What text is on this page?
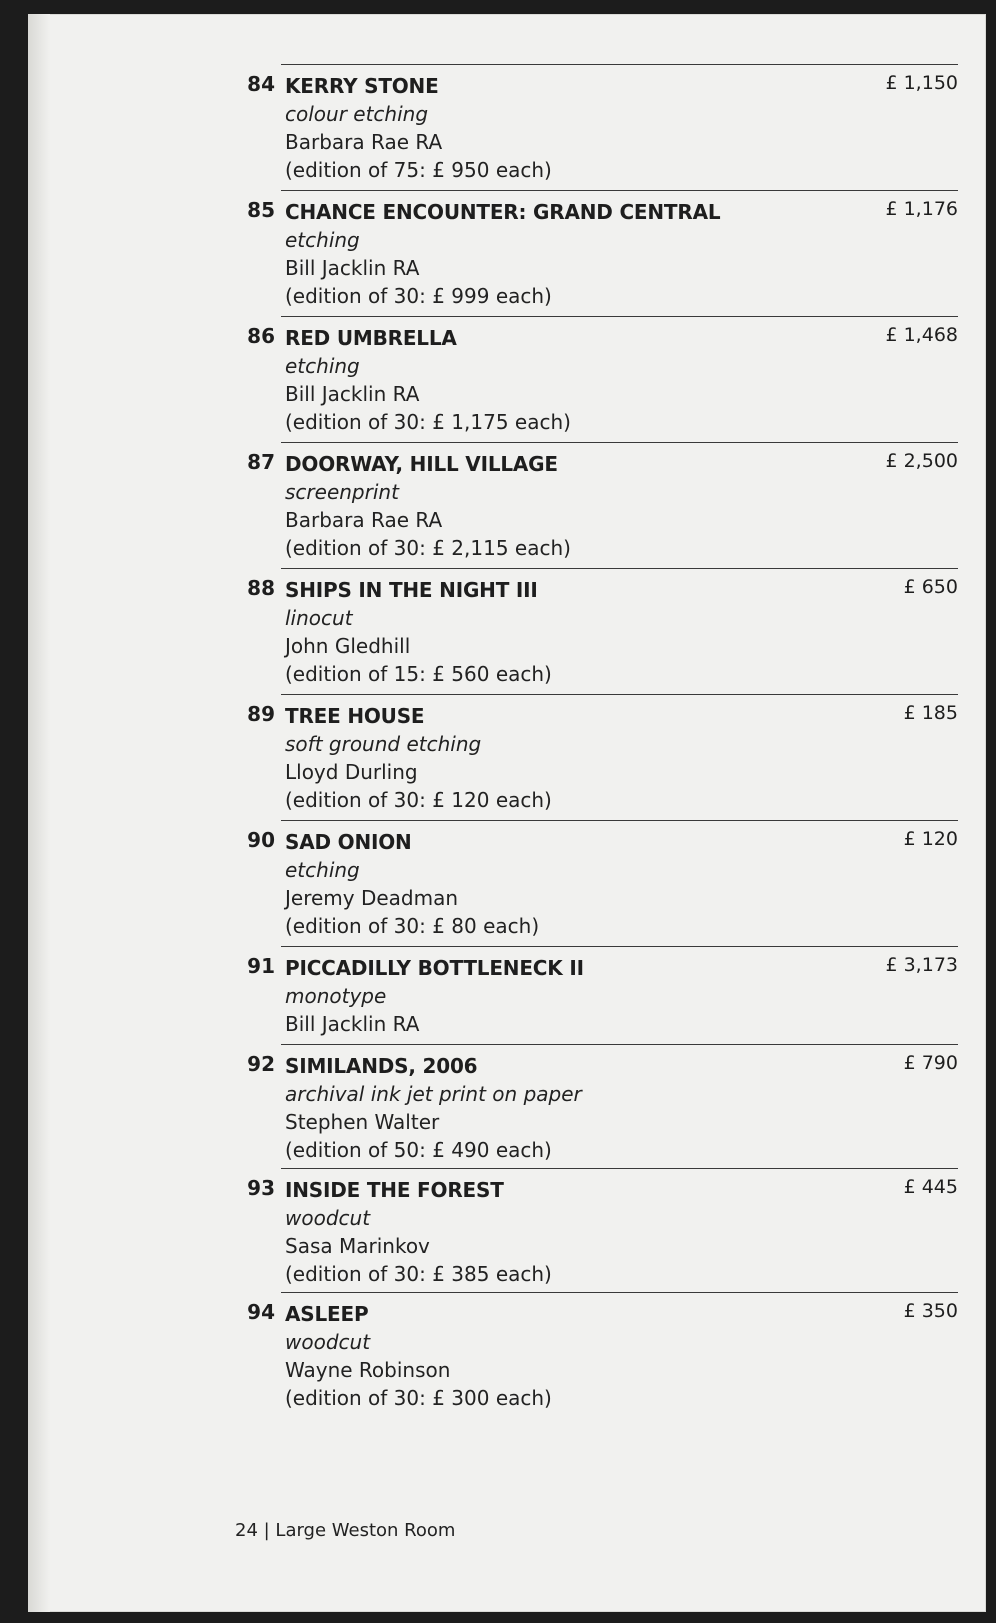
84 KERRY STONE
colour etching
Barbara Rae RA
(edition of 75: £ 950 each)
£ 1,150
85 CHANCE ENCOUNTER: GRAND CENTRAL
etching
Bill Jacklin RA
(edition of 30: £ 999 each)
£ 1,176
86 RED UMBRELLA
etching
Bill Jacklin RA
(edition of 30: £ 1,175 each)
£ 1,468
87 DOORWAY, HILL VILLAGE
screenprint
Barbara Rae RA
(edition of 30: £ 2,115 each)
£ 2,500
88 SHIPS IN THE NIGHT III
linocut
John Gledhill
(edition of 15: £ 560 each)
£ 650
89 TREE HOUSE
soft ground etching
Lloyd Durling
(edition of 30: £ 120 each)
£ 185
90 SAD ONION
etching
Jeremy Deadman
(edition of 30: £ 80 each)
£ 120
91 PICCADILLY BOTTLENECK II
monotype
Bill Jacklin RA
£ 3,173
92 SIMILANDS, 2006
archival ink jet print on paper
Stephen Walter
(edition of 50: £ 490 each)
£ 790
93 INSIDE THE FOREST
woodcut
Sasa Marinkov
(edition of 30: £ 385 each)
£ 445
94 ASLEEP
woodcut
Wayne Robinson
(edition of 30: £ 300 each)
£ 350
24 | Large Weston Room
